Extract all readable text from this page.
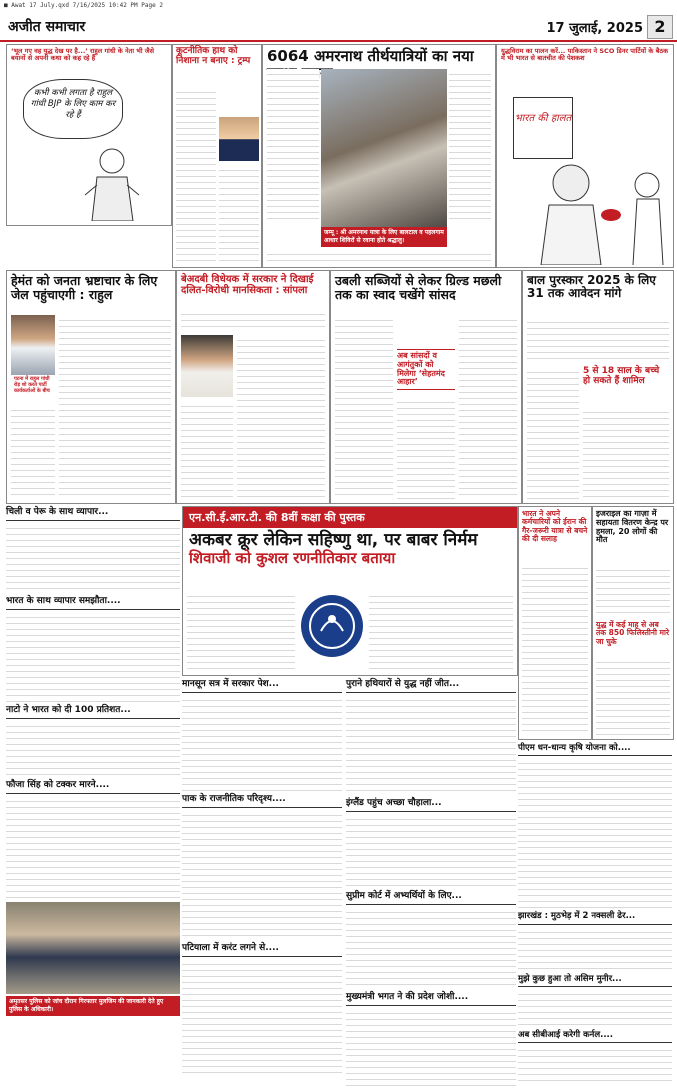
■ Awat 17 July.qxd 7/16/2025 10:42 PM Page 2
अजीत समाचार	17 जुलाई, 2025 2
‘भूल गए वह युद्ध देख पर है...’ राहुल गांधी के नेता भी जैसे बयानों से अपनी कथा को कह रहे हैं
कभी कभी लगता है राहुल गांधी BJP के लिए काम कर रहे हैं
कूटनीतिक हाथ को निशाना न बनाए : ट्रम्प	6064 अमरनाथ तीर्थयात्रियों का नया
जम्मू : श्री अमरनाथ यात्रा के लिए बालटाल व पहलगाम आधार शिविरों से रवाना होते श्रद्धालु।
युद्धविराम का पालन करें... पाकिस्तान ने SCO डिनर पार्टियों के बैठक में भी भारत से बातचीत की पेशकश
भारत की हालत
हेमंत को जनता भ्रष्टाचार के लिए जेल पहुंचाएगी : राहुल
पटना में राहुल गांधी रोड़ शो करते पार्टी कार्यकर्ताओं के बीच
बेअदबी विधेयक में सरकार ने दिखाई दलित-विरोधी मानसिकता : सांपला
उबली सब्जियों से लेकर ग्रिल्ड मछली तक का स्वाद चखेंगे सांसद
अब सांसदों व आगंतुकों को मिलेगा ‘सेहतमंद आहार’
बाल पुरस्कार 2025 के लिए 31 तक आवेदन मांगे
5 से 18 साल के बच्चे हो सकते हैं शामिल
चिली व पेरू के साथ व्यापार...
भारत के साथ व्यापार समझौता....
नाटो ने भारत को दी 100 प्रतिशत...
फौजा सिंह को टक्कर मारने....
अमृतसर पुलिस को जांच दौरान गिरफ्तार मुलजिम की जानकारी देते हुए पुलिस के अधिकारी।
एन.सी.ई.आर.टी. की 8वीं कक्षा की पुस्तक
अकबर क्रूर लेकिन सहिष्णु था, पर बाबर निर्मम
शिवाजी को कुशल रणनीतिकार बताया
भारत ने अपने कर्मचारियों को ईरान की गैर-जरूरी यात्रा से बचने की दी सलाह
इजराइल का गाज़ा में सहायता वितरण केन्द्र पर हमला, 20 लोगों की मौत
युद्ध में कई माह से अब तक 850 फिलिस्तीनी मारे जा चुके
मानसून सत्र में सरकार पेश...
पाक के राजनीतिक परिदृश्य....
पटियाला में करंट लगने से....
पुराने हथियारों से युद्ध नहीं जीत...
इंग्लैंड पहुंच अच्छा चौहाला...
सुप्रीम कोर्ट में अभ्यर्थियों के लिए...
मुख्यमंत्री भगत ने की प्रदेश जोशी....
पीएम धन-धान्य कृषि योजना को....
झारखंड : मुठभेड़ में 2 नक्सली ढेर...
मुझे कुछ हुआ तो असिम मुनीर...
अब सीबीआई करेगी कर्नल....
